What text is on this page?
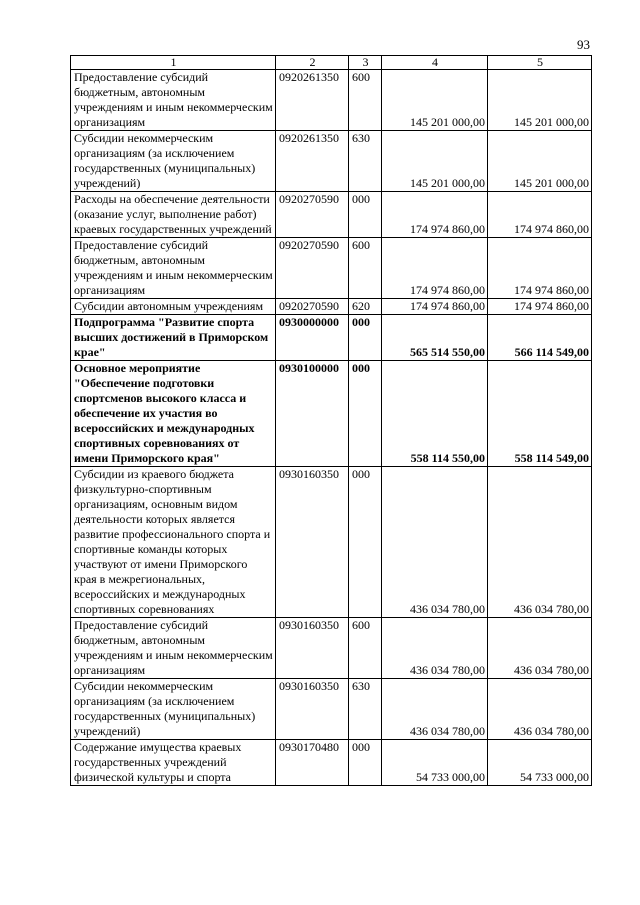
93
1	2	3	4	5
Предоставление субсидий бюджетным, автономным учреждениям и иным некоммерческим организациям	0920261350	600	145 201 000,00	145 201 000,00
Субсидии некоммерческим организациям (за исключением государственных (муниципальных) учреждений)	0920261350	630	145 201 000,00	145 201 000,00
Расходы на обеспечение деятельности (оказание услуг, выполнение работ) краевых государственных учреждений	0920270590	000	174 974 860,00	174 974 860,00
Предоставление субсидий бюджетным, автономным учреждениям и иным некоммерческим организациям	0920270590	600	174 974 860,00	174 974 860,00
Субсидии автономным учреждениям	0920270590	620	174 974 860,00	174 974 860,00
Подпрограмма "Развитие спорта высших достижений в Приморском крае"	0930000000	000	565 514 550,00	566 114 549,00
Основное мероприятие "Обеспечение подготовки спортсменов высокого класса и обеспечение их участия во всероссийских и международных спортивных соревнованиях от имени Приморского края"	0930100000	000	558 114 550,00	558 114 549,00
Субсидии из краевого бюджета физкультурно-спортивным организациям, основным видом деятельности которых является развитие профессионального спорта и спортивные команды которых участвуют от имени Приморского края в межрегиональных, всероссийских и международных спортивных соревнованиях	0930160350	000	436 034 780,00	436 034 780,00
Предоставление субсидий бюджетным, автономным учреждениям и иным некоммерческим организациям	0930160350	600	436 034 780,00	436 034 780,00
Субсидии некоммерческим организациям (за исключением государственных (муниципальных) учреждений)	0930160350	630	436 034 780,00	436 034 780,00
Содержание имущества краевых государственных учреждений физической культуры и спорта	0930170480	000	54 733 000,00	54 733 000,00
